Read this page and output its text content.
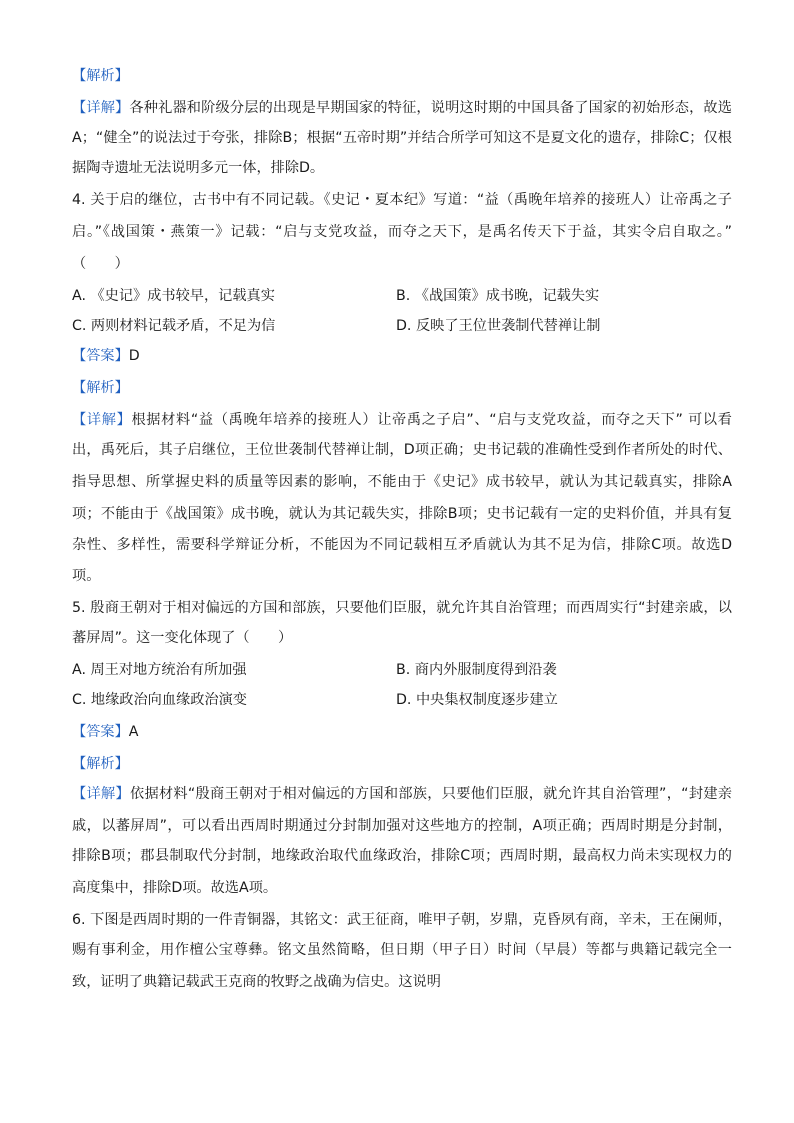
【解析】
【详解】各种礼器和阶级分层的出现是早期国家的特征，说明这时期的中国具备了国家的初始形态，故选
A；“健全”的说法过于夸张，排除B；根据“五帝时期”并结合所学可知这不是夏文化的遗存，排除C；仅根
据陶寺遗址无法说明多元一体，排除D。
4. 关于启的继位，古书中有不同记载。《史记・夏本纪》写道：“益（禹晚年培养的接班人）让帝禹之子
启。”《战国策・燕策一》记载：“启与支党攻益，而夺之天下，是禹名传天下于益，其实令启自取之。”
（　　）
A. 《史记》成书较早，记载真实	B. 《战国策》成书晚，记载失实
C. 两则材料记载矛盾，不足为信	D. 反映了王位世袭制代替禅让制
【答案】D
【解析】
【详解】根据材料“益（禹晚年培养的接班人）让帝禹之子启”、“启与支党攻益，而夺之天下” 可以看
出，禹死后，其子启继位，王位世袭制代替禅让制，D项正确；史书记载的准确性受到作者所处的时代、
指导思想、所掌握史料的质量等因素的影响，不能由于《史记》成书较早，就认为其记载真实，排除A
项；不能由于《战国策》成书晚，就认为其记载失实，排除B项；史书记载有一定的史料价值，并具有复
杂性、多样性，需要科学辩证分析，不能因为不同记载相互矛盾就认为其不足为信，排除C项。故选D
项。
5. 殷商王朝对于相对偏远的方国和部族，只要他们臣服，就允许其自治管理；而西周实行“封建亲戚，以
蕃屏周”。这一变化体现了（　　）
A. 周王对地方统治有所加强	B. 商内外服制度得到沿袭
C. 地缘政治向血缘政治演变	D. 中央集权制度逐步建立
【答案】A
【解析】
【详解】依据材料“殷商王朝对于相对偏远的方国和部族，只要他们臣服，就允许其自治管理”，“封建亲
戚，以蕃屏周”，可以看出西周时期通过分封制加强对这些地方的控制，A项正确；西周时期是分封制，
排除B项；郡县制取代分封制，地缘政治取代血缘政治，排除C项；西周时期，最高权力尚未实现权力的
高度集中，排除D项。故选A项。
6. 下图是西周时期的一件青铜器，其铭文：武王征商，唯甲子朝，岁鼎，克昏夙有商，辛未，王在阑师，
赐有事利金，用作檀公宝尊彝。铭文虽然简略，但日期（甲子日）时间（早晨）等都与典籍记载完全一
致，证明了典籍记载武王克商的牧野之战确为信史。这说明
